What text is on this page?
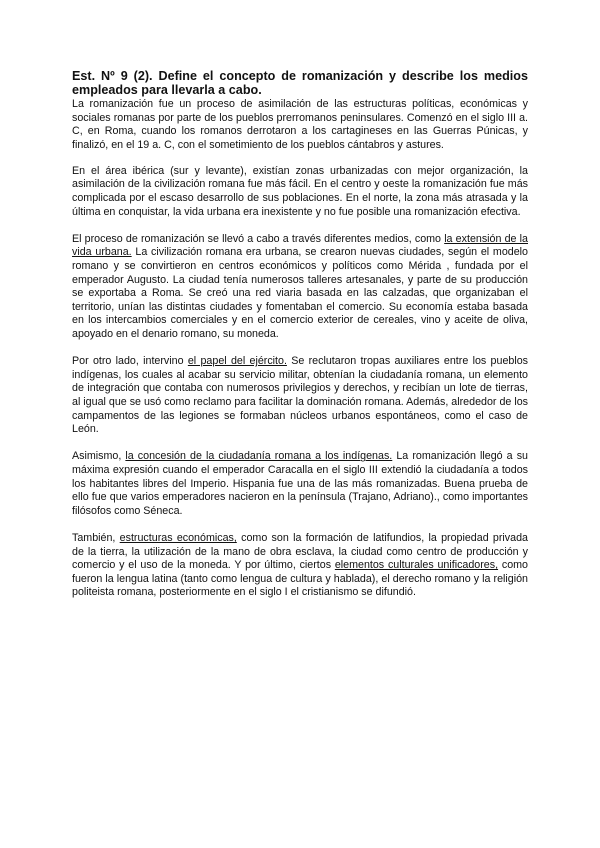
Est. Nº 9 (2). Define el concepto de romanización y describe los medios empleados para llevarla a cabo.

La romanización fue un proceso de asimilación de las estructuras políticas, económicas y sociales romanas por parte de los pueblos prerromanos peninsulares. Comenzó en el siglo III a. C, en Roma, cuando los romanos derrotaron a los cartagineses en las Guerras Púnicas, y finalizó, en el 19 a. C, con el sometimiento de los pueblos cántabros y astures.

En el área ibérica (sur y levante), existían zonas urbanizadas con mejor organización, la asimilación de la civilización romana fue más fácil. En el centro y oeste la romanización fue más complicada por el escaso desarrollo de sus poblaciones. En el norte, la zona más atrasada y la última en conquistar, la vida urbana era inexistente y no fue posible una romanización efectiva.

El proceso de romanización se llevó a cabo a través diferentes medios, como la extensión de la vida urbana. La civilización romana era urbana, se crearon nuevas ciudades, según el modelo romano y se convirtieron en centros económicos y políticos como Mérida , fundada por el emperador Augusto. La ciudad tenía numerosos talleres artesanales, y parte de su producción se exportaba a Roma. Se creó una red viaria basada en las calzadas, que organizaban el territorio, unían las distintas ciudades y fomentaban el comercio. Su economía estaba basada en los intercambios comerciales y en el comercio exterior de cereales, vino y aceite de oliva, apoyado en el denario romano, su moneda.

Por otro lado, intervino el papel del ejército. Se reclutaron tropas auxiliares entre los pueblos indígenas, los cuales al acabar su servicio militar, obtenían la ciudadanía romana, un elemento de integración que contaba con numerosos privilegios y derechos, y recibían un lote de tierras, al igual que se usó como reclamo para facilitar la dominación romana. Además, alrededor de los campamentos de las legiones se formaban núcleos urbanos espontáneos, como el caso de León.

Asimismo, la concesión de la ciudadanía romana a los indígenas. La romanización llegó a su máxima expresión cuando el emperador Caracalla en el siglo III extendió la ciudadanía a todos los habitantes libres del Imperio. Hispania fue una de las más romanizadas. Buena prueba de ello fue que varios emperadores nacieron en la península (Trajano, Adriano)., como importantes filósofos como Séneca.

También, estructuras económicas, como son la formación de latifundios, la propiedad privada de la tierra, la utilización de la mano de obra esclava, la ciudad como centro de producción y comercio y el uso de la moneda. Y por último, ciertos elementos culturales unificadores, como fueron la lengua latina (tanto como lengua de cultura y hablada), el derecho romano y la religión politeista romana, posteriormente en el siglo I el cristianismo se difundió.
